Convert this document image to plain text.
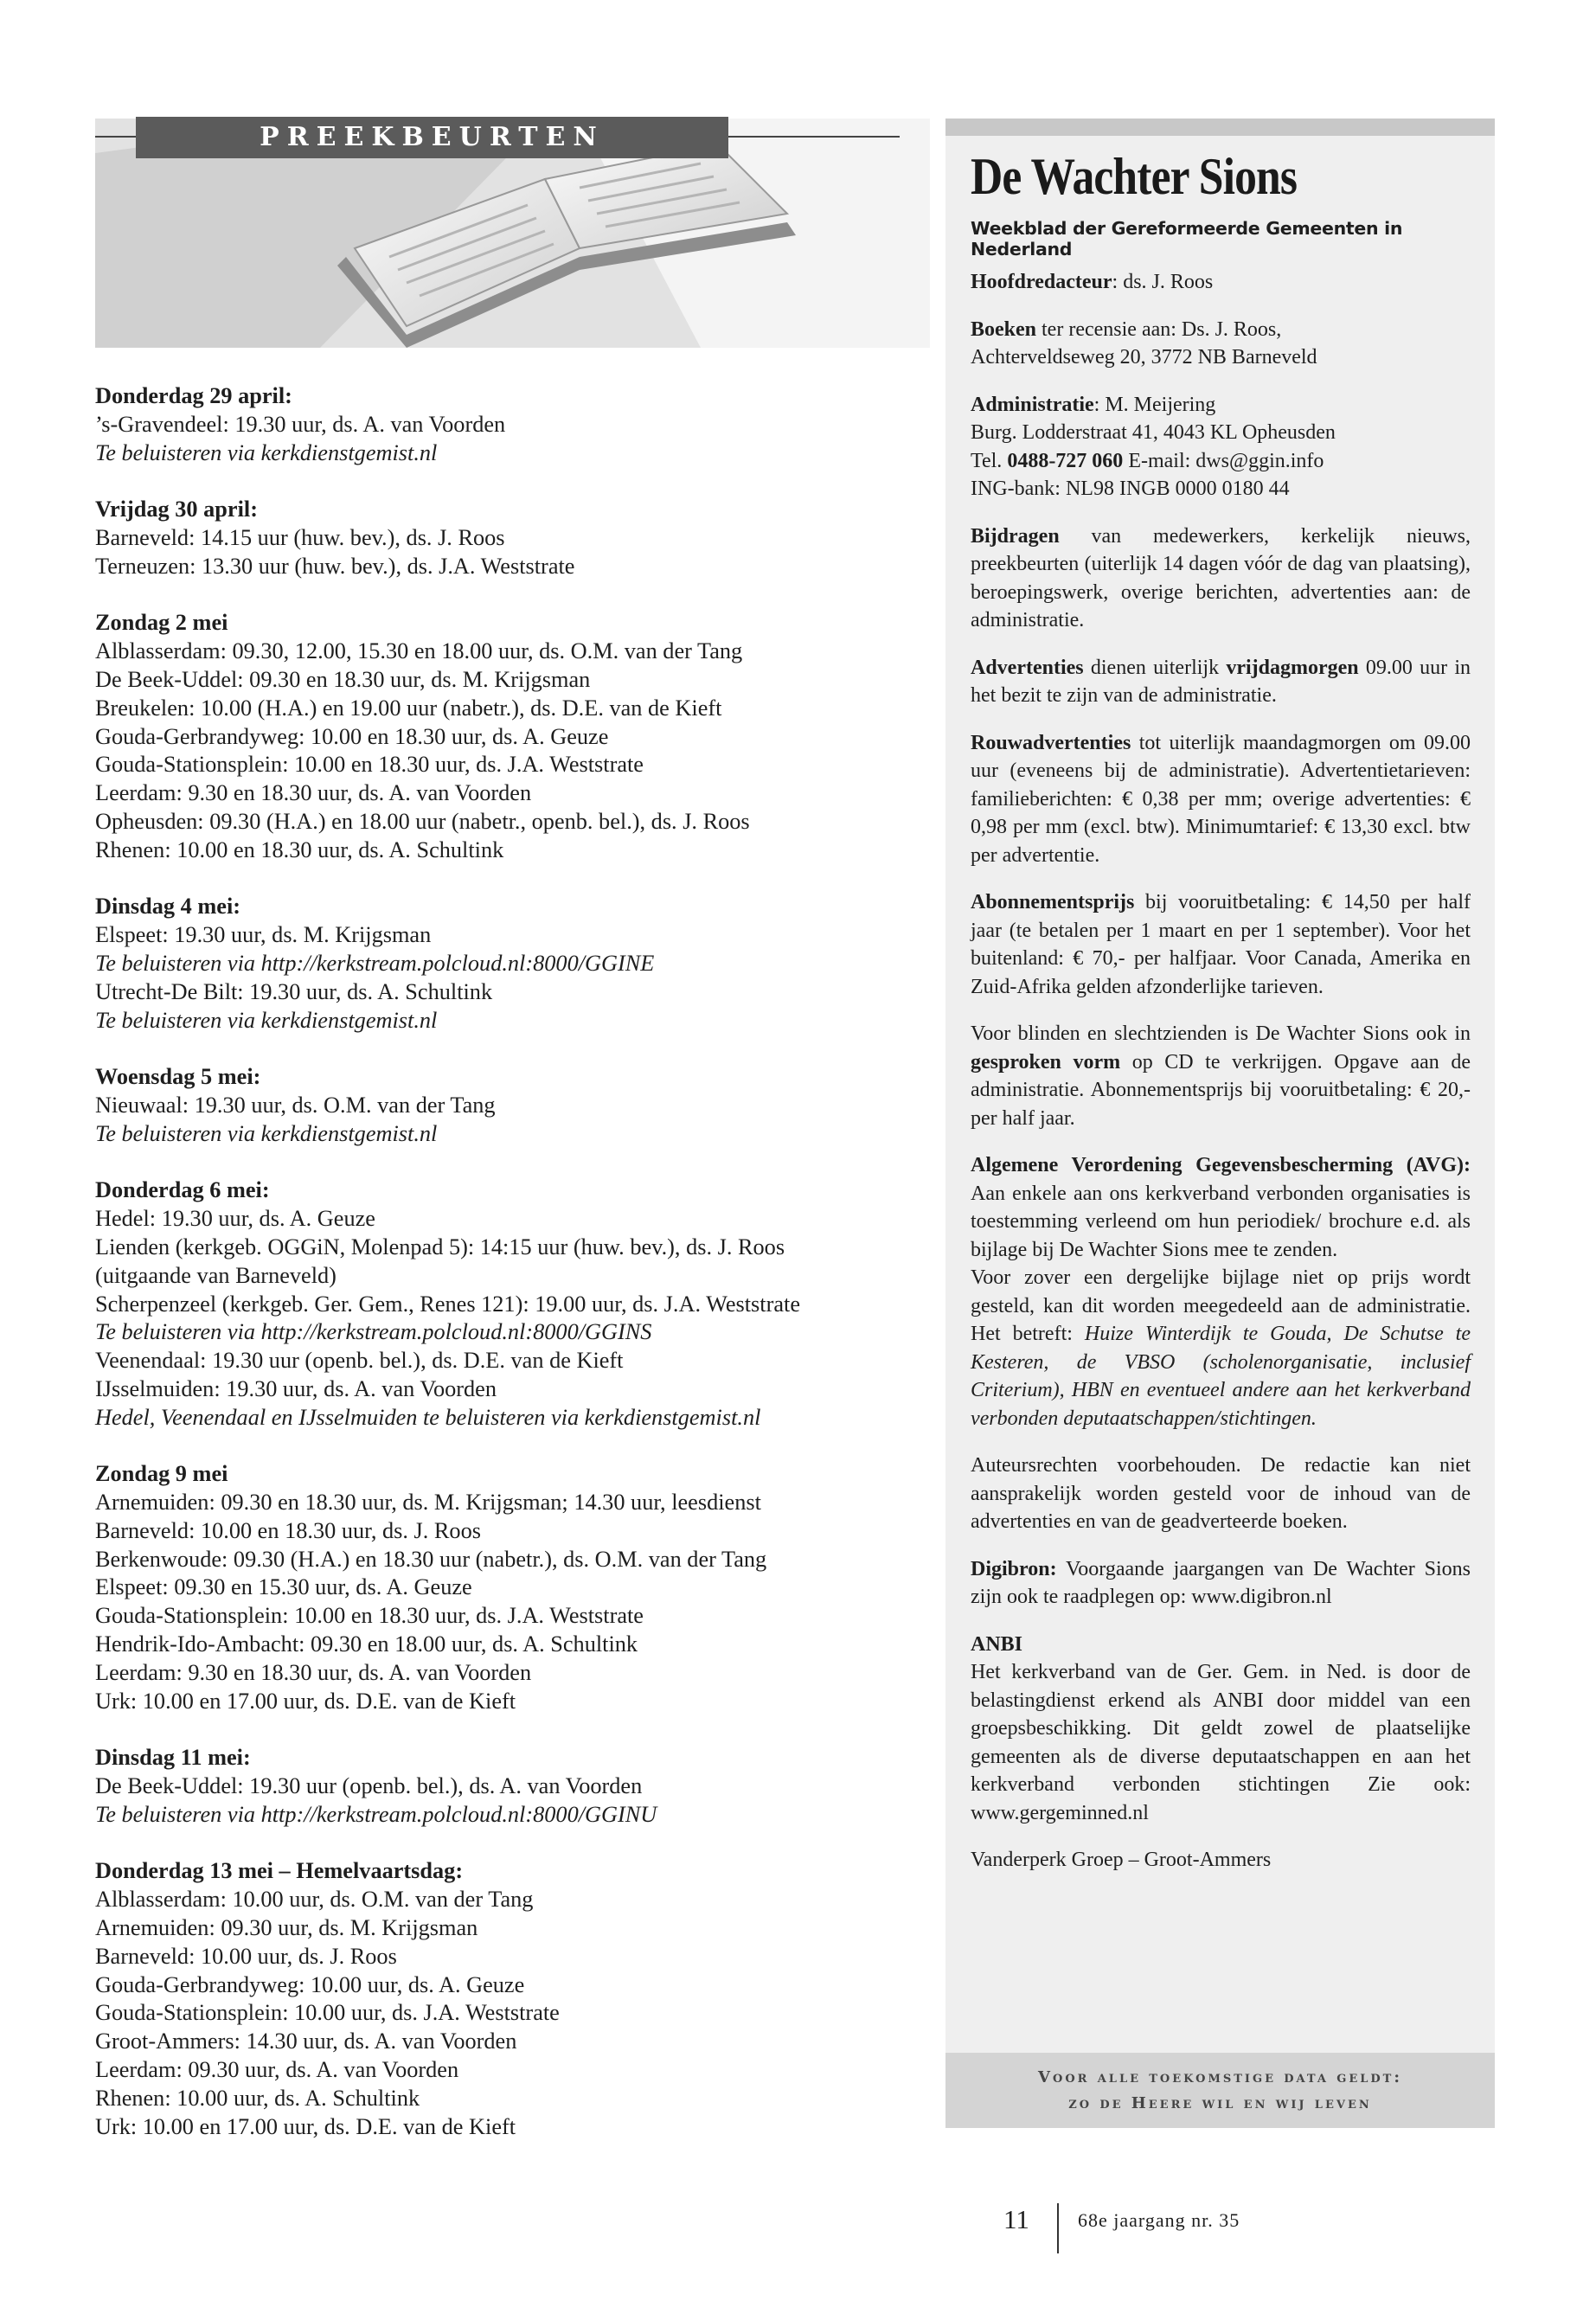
PREEKBEURTEN
Donderdag 29 april:
’s-Gravendeel: 19.30 uur, ds. A. van Voorden
Te beluisteren via kerkdienstgemist.nl
Vrijdag 30 april:
Barneveld: 14.15 uur (huw. bev.), ds. J. Roos
Terneuzen: 13.30 uur (huw. bev.), ds. J.A. Weststrate
Zondag 2 mei
Alblasserdam: 09.30, 12.00, 15.30 en 18.00 uur, ds. O.M. van der Tang
De Beek-Uddel: 09.30 en 18.30 uur, ds. M. Krijgsman
Breukelen: 10.00 (H.A.) en 19.00 uur (nabetr.), ds. D.E. van de Kieft
Gouda-Gerbrandyweg: 10.00 en 18.30 uur, ds. A. Geuze
Gouda-Stationsplein: 10.00 en 18.30 uur, ds. J.A. Weststrate
Leerdam: 9.30 en 18.30 uur, ds. A. van Voorden
Opheusden: 09.30 (H.A.) en 18.00 uur (nabetr., openb. bel.), ds. J. Roos
Rhenen: 10.00 en 18.30 uur, ds. A. Schultink
Dinsdag 4 mei:
Elspeet: 19.30 uur, ds. M. Krijgsman
Te beluisteren via http://kerkstream.polcloud.nl:8000/GGINE
Utrecht-De Bilt: 19.30 uur, ds. A. Schultink
Te beluisteren via kerkdienstgemist.nl
Woensdag 5 mei:
Nieuwaal: 19.30 uur, ds. O.M. van der Tang
Te beluisteren via kerkdienstgemist.nl
Donderdag 6 mei:
Hedel: 19.30 uur, ds. A. Geuze
Lienden (kerkgeb. OGGiN, Molenpad 5): 14:15 uur (huw. bev.), ds. J. Roos
(uitgaande van Barneveld)
Scherpenzeel (kerkgeb. Ger. Gem., Renes 121): 19.00 uur, ds. J.A. Weststrate
Te beluisteren via http://kerkstream.polcloud.nl:8000/GGINS
Veenendaal: 19.30 uur (openb. bel.), ds. D.E. van de Kieft
IJsselmuiden: 19.30 uur, ds. A. van Voorden
Hedel, Veenendaal en IJsselmuiden te beluisteren via kerkdienstgemist.nl
Zondag 9 mei
Arnemuiden: 09.30 en 18.30 uur, ds. M. Krijgsman; 14.30 uur, leesdienst
Barneveld: 10.00 en 18.30 uur, ds. J. Roos
Berkenwoude: 09.30 (H.A.) en 18.30 uur (nabetr.), ds. O.M. van der Tang
Elspeet: 09.30 en 15.30 uur, ds. A. Geuze
Gouda-Stationsplein: 10.00 en 18.30 uur, ds. J.A. Weststrate
Hendrik-Ido-Ambacht: 09.30 en 18.00 uur, ds. A. Schultink
Leerdam: 9.30 en 18.30 uur, ds. A. van Voorden
Urk: 10.00 en 17.00 uur, ds. D.E. van de Kieft
Dinsdag 11 mei:
De Beek-Uddel: 19.30 uur (openb. bel.), ds. A. van Voorden
Te beluisteren via http://kerkstream.polcloud.nl:8000/GGINU
Donderdag 13 mei – Hemelvaartsdag:
Alblasserdam: 10.00 uur, ds. O.M. van der Tang
Arnemuiden: 09.30 uur, ds. M. Krijgsman
Barneveld: 10.00 uur, ds. J. Roos
Gouda-Gerbrandyweg: 10.00 uur, ds. A. Geuze
Gouda-Stationsplein: 10.00 uur, ds. J.A. Weststrate
Groot-Ammers: 14.30 uur, ds. A. van Voorden
Leerdam: 09.30 uur, ds. A. van Voorden
Rhenen: 10.00 uur, ds. A. Schultink
Urk: 10.00 en 17.00 uur, ds. D.E. van de Kieft
De Wachter Sions
Weekblad der Gereformeerde Gemeenten in Nederland
Hoofdredacteur: ds. J. Roos
Boeken ter recensie aan: Ds. J. Roos,
Achterveldseweg 20, 3772 NB Barneveld
Administratie: M. Meijering
Burg. Lodderstraat 41, 4043 KL Opheusden
Tel. 0488-727 060 E-mail: dws@ggin.info
ING-bank: NL98 INGB 0000 0180 44
Bijdragen van medewerkers, kerkelijk nieuws, preekbeurten (uiterlijk 14 dagen vóór de dag van plaatsing), beroepingswerk, overige berichten, advertenties aan: de administratie.
Advertenties dienen uiterlijk vrijdagmorgen 09.00 uur in het bezit te zijn van de administratie.
Rouwadvertenties tot uiterlijk maandagmorgen om 09.00 uur (eveneens bij de administratie). Advertentietarieven: familieberichten: € 0,38 per mm; overige advertenties: € 0,98 per mm (excl. btw). Minimumtarief: € 13,30 excl. btw per advertentie.
Abonnementsprijs bij vooruitbetaling: € 14,50 per half jaar (te betalen per 1 maart en per 1 september). Voor het buitenland: € 70,- per halfjaar. Voor Canada, Amerika en Zuid-Afrika gelden afzonderlijke tarieven.
Voor blinden en slechtzienden is De Wachter Sions ook in gesproken vorm op CD te verkrijgen. Opgave aan de administratie. Abonnementsprijs bij vooruitbetaling: € 20,- per half jaar.
Algemene Verordening Gegevensbescherming (AVG): Aan enkele aan ons kerkverband verbonden organisaties is toestemming verleend om hun periodiek/ brochure e.d. als bijlage bij De Wachter Sions mee te zenden.
Voor zover een dergelijke bijlage niet op prijs wordt gesteld, kan dit worden meegedeeld aan de administratie. Het betreft: Huize Winterdijk te Gouda, De Schutse te Kesteren, de VBSO (scholenorganisatie, inclusief Criterium), HBN en eventueel andere aan het kerkverband verbonden deputaatschappen/stichtingen.
Auteursrechten voorbehouden. De redactie kan niet aansprakelijk worden gesteld voor de inhoud van de advertenties en van de geadverteerde boeken.
Digibron: Voorgaande jaargangen van De Wachter Sions zijn ook te raadplegen op: www.digibron.nl
ANBI
Het kerkverband van de Ger. Gem. in Ned. is door de belastingdienst erkend als ANBI door middel van een groepsbeschikking. Dit geldt zowel de plaatselijke gemeenten als de diverse deputaatschappen en aan het kerkverband verbonden stichtingen Zie ook: www.gergeminned.nl
Vanderperk Groep – Groot-Ammers
Voor alle toekomstige data geldt:
zo de Heere wil en wij leven
11	68e jaargang nr. 35
